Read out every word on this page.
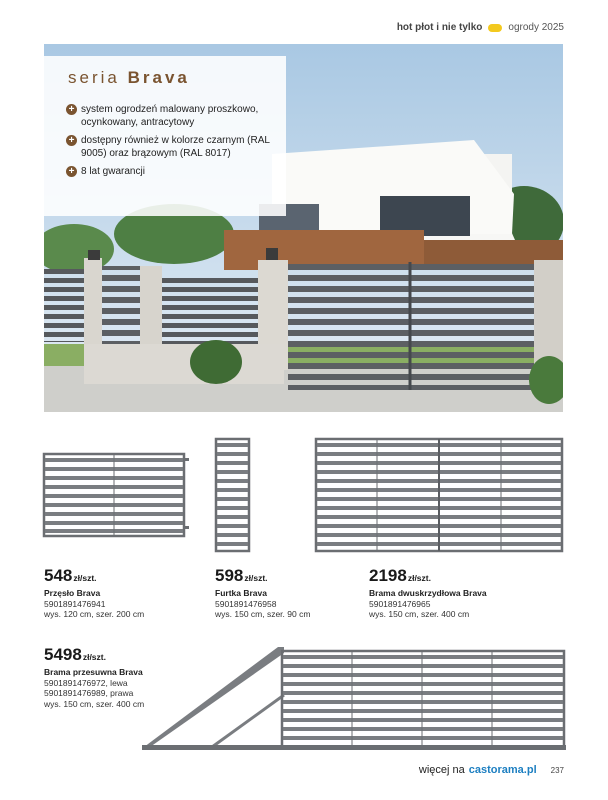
hot płot i nie tylko	ogrody 2025
seria Brava
+ system ogrodzeń malowany proszkowo, ocynkowany, antracytowy
+ dostępny również w kolorze czarnym (RAL 9005) oraz brązowym (RAL 8017)
+ 8 lat gwarancji
548zł/szt.
Przęsło Brava
5901891476941
wys. 120 cm, szer. 200 cm
598zł/szt.
Furtka Brava
5901891476958
wys. 150 cm, szer. 90 cm
2198zł/szt.
Brama dwuskrzydłowa Brava
5901891476965
wys. 150 cm, szer. 400 cm
5498zł/szt.
Brama przesuwna Brava
5901891476972, lewa
5901891476989, prawa
wys. 150 cm, szer. 400 cm
więcej na castorama.pl 237
